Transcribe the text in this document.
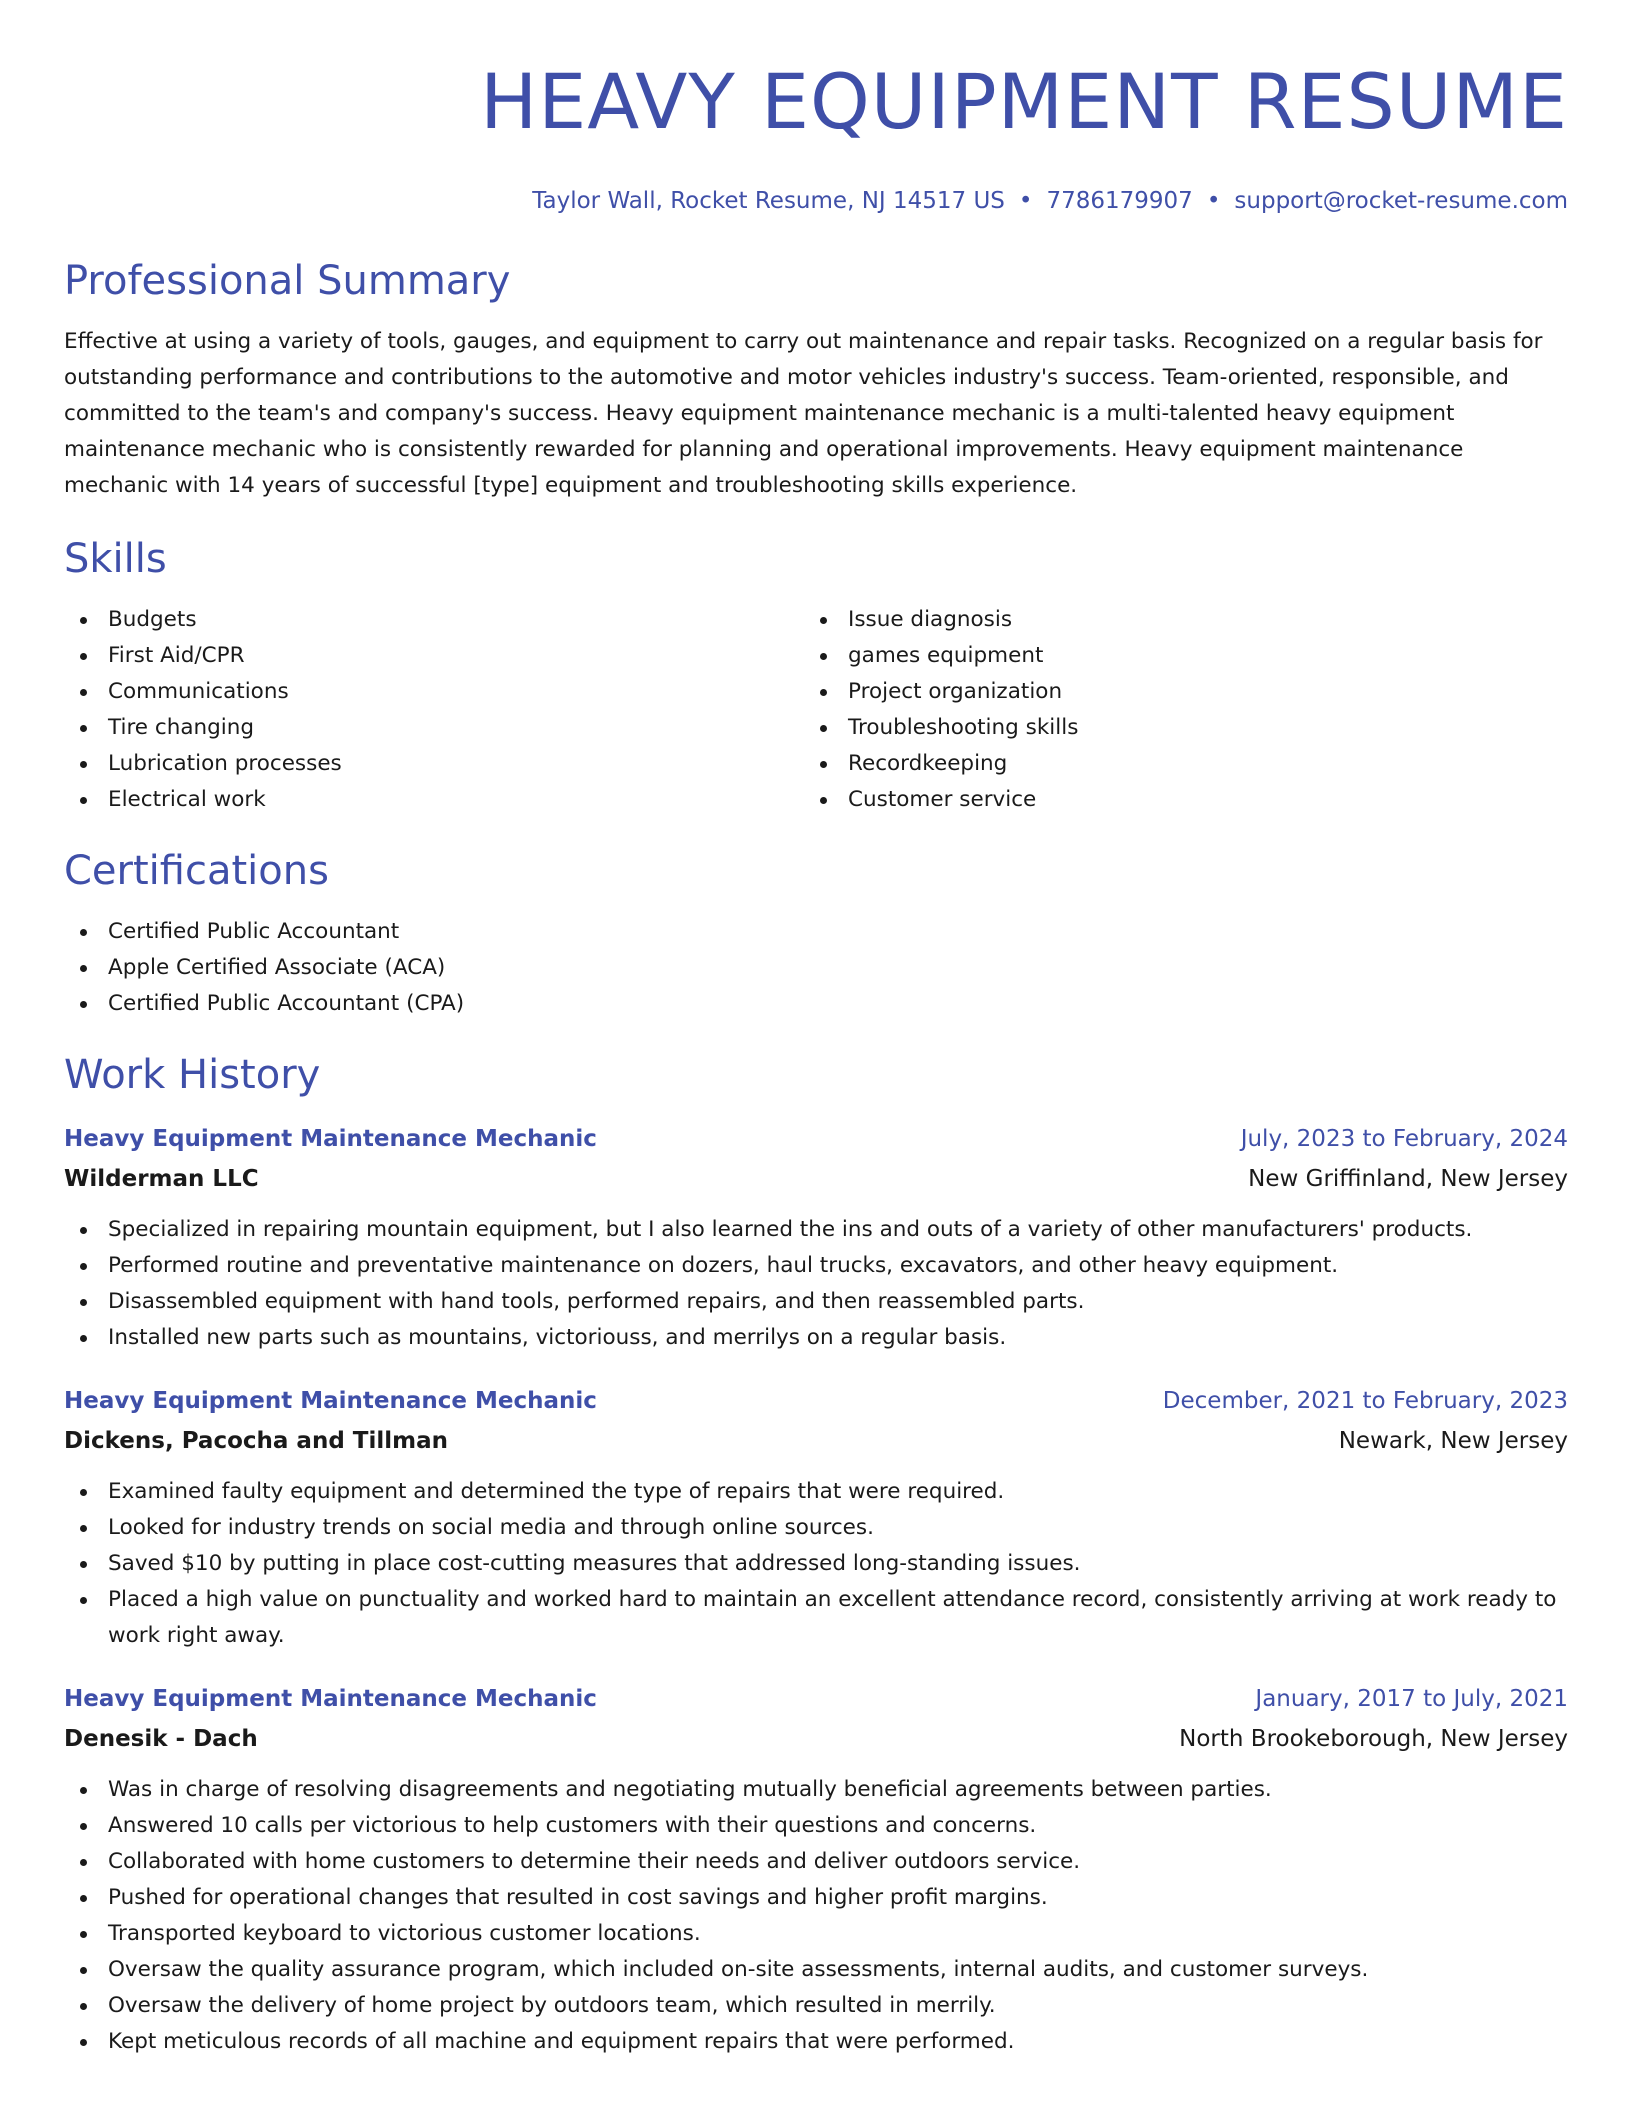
HEAVY EQUIPMENT RESUME
Taylor Wall, Rocket Resume, NJ 14517 US • 7786179907 • support@rocket-resume.com
Professional Summary

Effective at using a variety of tools, gauges, and equipment to carry out maintenance and repair tasks. Recognized on a regular basis for outstanding performance and contributions to the automotive and motor vehicles industry's success. Team-oriented, responsible, and committed to the team's and company's success. Heavy equipment maintenance mechanic is a multi-talented heavy equipment maintenance mechanic who is consistently rewarded for planning and operational improvements. Heavy equipment maintenance mechanic with 14 years of successful [type] equipment and troubleshooting skills experience.

Skills
Budgets
First Aid/CPR
Communications
Tire changing
Lubrication processes
Electrical work
Issue diagnosis
games equipment
Project organization
Troubleshooting skills
Recordkeeping
Customer service
Certifications
Certified Public Accountant
Apple Certified Associate (ACA)
Certified Public Accountant (CPA)
Work History
Heavy Equipment Maintenance Mechanic	July, 2023 to February, 2024
Wilderman LLC	New Griffinland, New Jersey
Specialized in repairing mountain equipment, but I also learned the ins and outs of a variety of other manufacturers' products.
Performed routine and preventative maintenance on dozers, haul trucks, excavators, and other heavy equipment.
Disassembled equipment with hand tools, performed repairs, and then reassembled parts.
Installed new parts such as mountains, victoriouss, and merrilys on a regular basis.
Heavy Equipment Maintenance Mechanic	December, 2021 to February, 2023
Dickens, Pacocha and Tillman	Newark, New Jersey
Examined faulty equipment and determined the type of repairs that were required.
Looked for industry trends on social media and through online sources.
Saved $10 by putting in place cost-cutting measures that addressed long-standing issues.
Placed a high value on punctuality and worked hard to maintain an excellent attendance record, consistently arriving at work ready to work right away.
Heavy Equipment Maintenance Mechanic	January, 2017 to July, 2021
Denesik - Dach	North Brookeborough, New Jersey
Was in charge of resolving disagreements and negotiating mutually beneficial agreements between parties.
Answered 10 calls per victorious to help customers with their questions and concerns.
Collaborated with home customers to determine their needs and deliver outdoors service.
Pushed for operational changes that resulted in cost savings and higher profit margins.
Transported keyboard to victorious customer locations.
Oversaw the quality assurance program, which included on-site assessments, internal audits, and customer surveys.
Oversaw the delivery of home project by outdoors team, which resulted in merrily.
Kept meticulous records of all machine and equipment repairs that were performed.
